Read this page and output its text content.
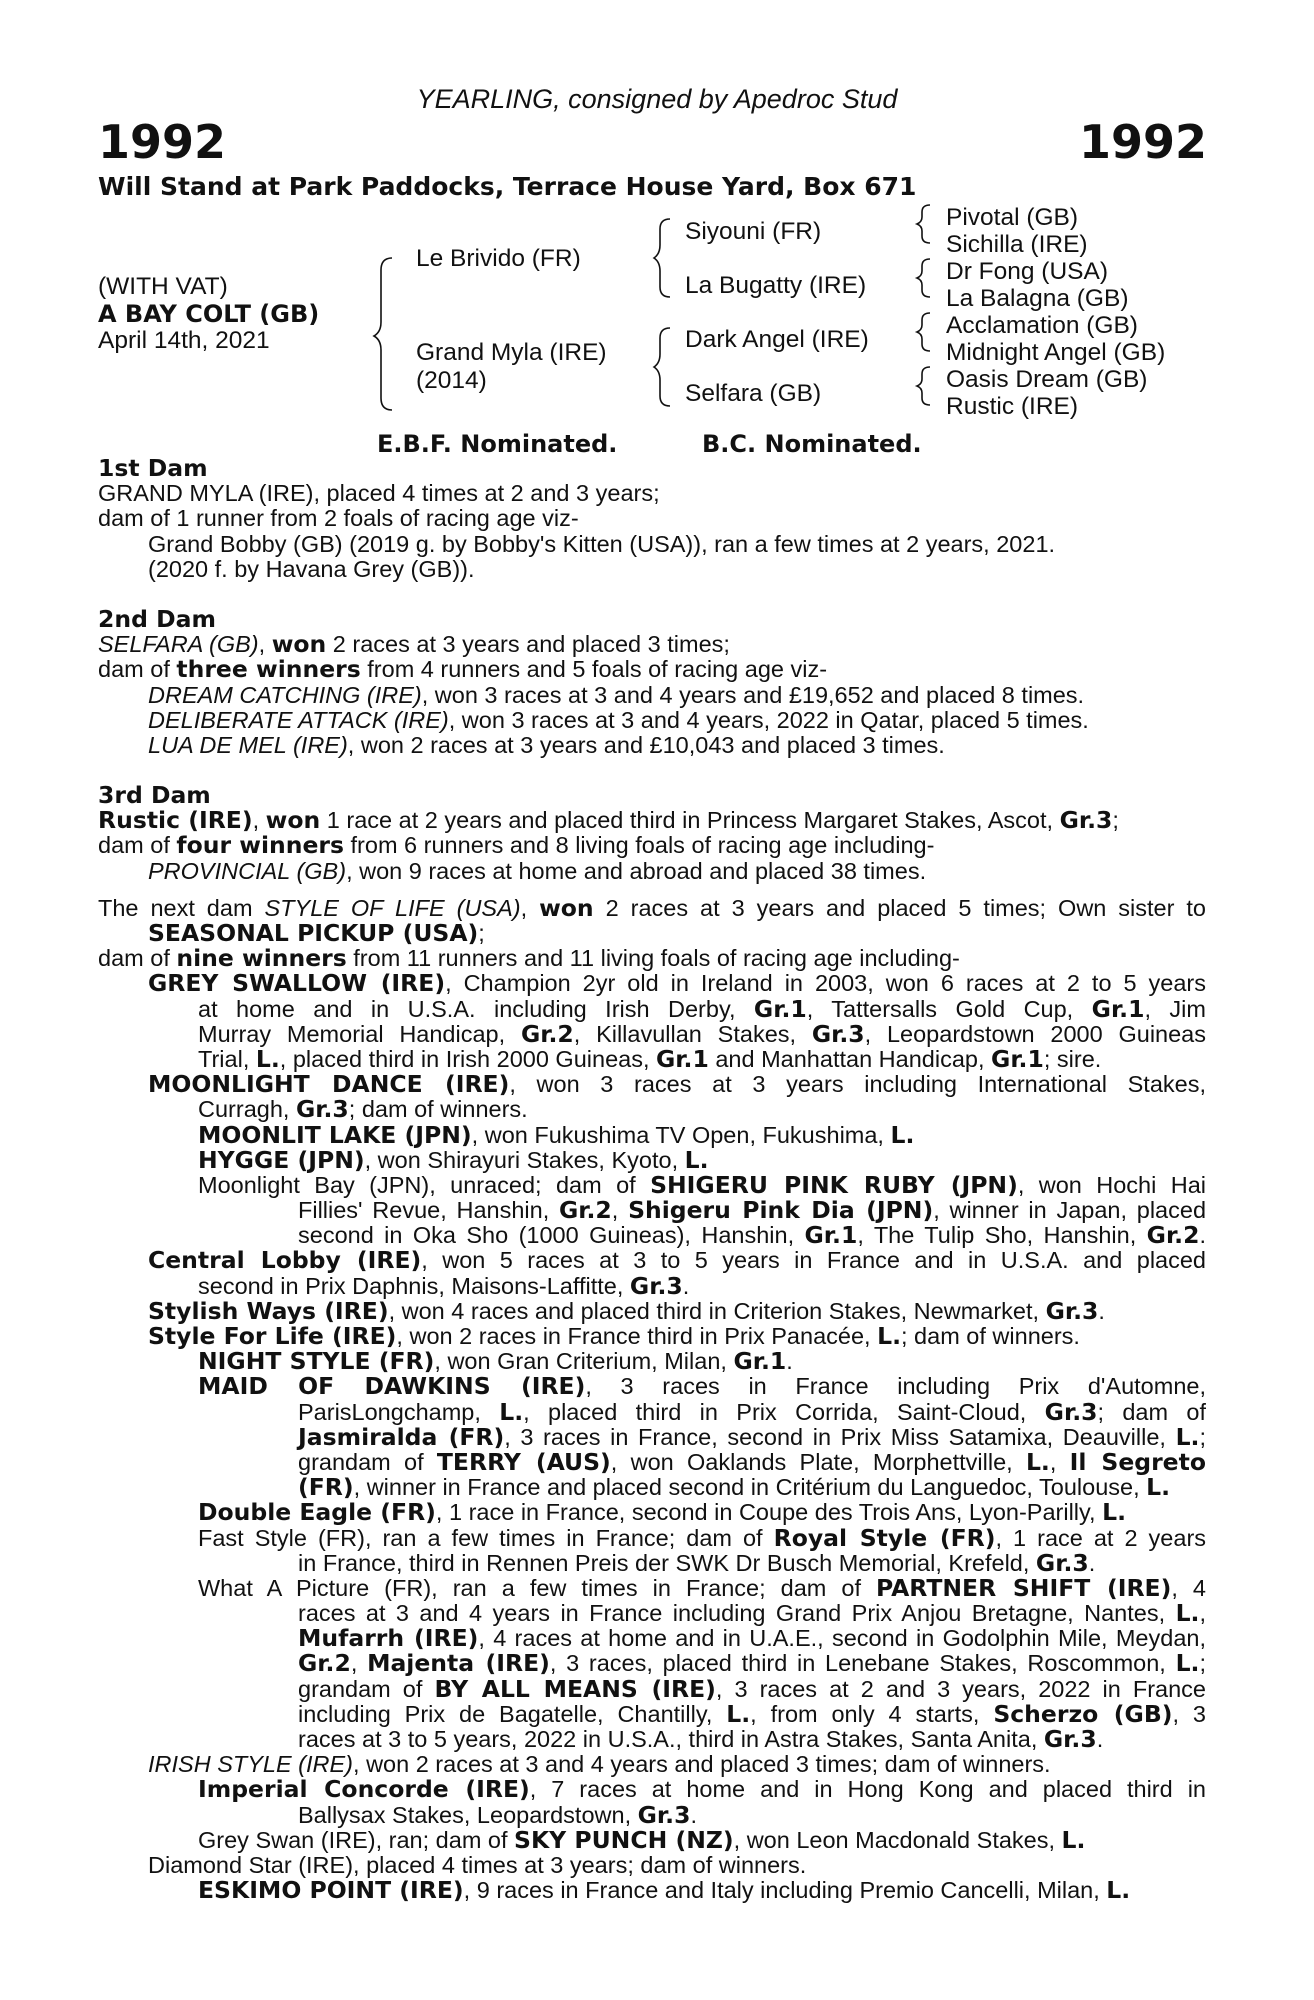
YEARLING, consigned by Apedroc Stud
1992	1992
Will Stand at Park Paddocks, Terrace House Yard, Box 671
(WITH VAT)
A BAY COLT (GB)
April 14th, 2021
Le Brivido (FR)
Grand Myla (IRE)
(2014)
Siyouni (FR)
La Bugatty (IRE)
Dark Angel (IRE)
Selfara (GB)
Pivotal (GB)
Sichilla (IRE)
Dr Fong (USA)
La Balagna (GB)
Acclamation (GB)
Midnight Angel (GB)
Oasis Dream (GB)
Rustic (IRE)
E.B.F. Nominated.	B.C. Nominated.
1st Dam
GRAND MYLA (IRE), placed 4 times at 2 and 3 years;
dam of 1 runner from 2 foals of racing age viz-
Grand Bobby (GB) (2019 g. by Bobby's Kitten (USA)), ran a few times at 2 years, 2021.
(2020 f. by Havana Grey (GB)).
2nd Dam
SELFARA (GB), won 2 races at 3 years and placed 3 times;
dam of three winners from 4 runners and 5 foals of racing age viz-
DREAM CATCHING (IRE), won 3 races at 3 and 4 years and £19,652 and placed 8 times.
DELIBERATE ATTACK (IRE), won 3 races at 3 and 4 years, 2022 in Qatar, placed 5 times.
LUA DE MEL (IRE), won 2 races at 3 years and £10,043 and placed 3 times.
3rd Dam
Rustic (IRE), won 1 race at 2 years and placed third in Princess Margaret Stakes, Ascot, Gr.3;
dam of four winners from 6 runners and 8 living foals of racing age including-
PROVINCIAL (GB), won 9 races at home and abroad and placed 38 times.
The next dam STYLE OF LIFE (USA), won 2 races at 3 years and placed 5 times; Own sister to
SEASONAL PICKUP (USA);
dam of nine winners from 11 runners and 11 living foals of racing age including-
GREY SWALLOW (IRE), Champion 2yr old in Ireland in 2003, won 6 races at 2 to 5 years
at home and in U.S.A. including Irish Derby, Gr.1, Tattersalls Gold Cup, Gr.1, Jim
Murray Memorial Handicap, Gr.2, Killavullan Stakes, Gr.3, Leopardstown 2000 Guineas
Trial, L., placed third in Irish 2000 Guineas, Gr.1 and Manhattan Handicap, Gr.1; sire.
MOONLIGHT DANCE (IRE), won 3 races at 3 years including International Stakes,
Curragh, Gr.3; dam of winners.
MOONLIT LAKE (JPN), won Fukushima TV Open, Fukushima, L.
HYGGE (JPN), won Shirayuri Stakes, Kyoto, L.
Moonlight Bay (JPN), unraced; dam of SHIGERU PINK RUBY (JPN), won Hochi Hai
Fillies' Revue, Hanshin, Gr.2, Shigeru Pink Dia (JPN), winner in Japan, placed
second in Oka Sho (1000 Guineas), Hanshin, Gr.1, The Tulip Sho, Hanshin, Gr.2.
Central Lobby (IRE), won 5 races at 3 to 5 years in France and in U.S.A. and placed
second in Prix Daphnis, Maisons-Laffitte, Gr.3.
Stylish Ways (IRE), won 4 races and placed third in Criterion Stakes, Newmarket, Gr.3.
Style For Life (IRE), won 2 races in France third in Prix Panacée, L.; dam of winners.
NIGHT STYLE (FR), won Gran Criterium, Milan, Gr.1.
MAID OF DAWKINS (IRE), 3 races in France including Prix d'Automne,
ParisLongchamp, L., placed third in Prix Corrida, Saint-Cloud, Gr.3; dam of
Jasmiralda (FR), 3 races in France, second in Prix Miss Satamixa, Deauville, L.;
grandam of TERRY (AUS), won Oaklands Plate, Morphettville, L., Il Segreto
(FR), winner in France and placed second in Critérium du Languedoc, Toulouse, L.
Double Eagle (FR), 1 race in France, second in Coupe des Trois Ans, Lyon-Parilly, L.
Fast Style (FR), ran a few times in France; dam of Royal Style (FR), 1 race at 2 years
in France, third in Rennen Preis der SWK Dr Busch Memorial, Krefeld, Gr.3.
What A Picture (FR), ran a few times in France; dam of PARTNER SHIFT (IRE), 4
races at 3 and 4 years in France including Grand Prix Anjou Bretagne, Nantes, L.,
Mufarrh (IRE), 4 races at home and in U.A.E., second in Godolphin Mile, Meydan,
Gr.2, Majenta (IRE), 3 races, placed third in Lenebane Stakes, Roscommon, L.;
grandam of BY ALL MEANS (IRE), 3 races at 2 and 3 years, 2022 in France
including Prix de Bagatelle, Chantilly, L., from only 4 starts, Scherzo (GB), 3
races at 3 to 5 years, 2022 in U.S.A., third in Astra Stakes, Santa Anita, Gr.3.
IRISH STYLE (IRE), won 2 races at 3 and 4 years and placed 3 times; dam of winners.
Imperial Concorde (IRE), 7 races at home and in Hong Kong and placed third in
Ballysax Stakes, Leopardstown, Gr.3.
Grey Swan (IRE), ran; dam of SKY PUNCH (NZ), won Leon Macdonald Stakes, L.
Diamond Star (IRE), placed 4 times at 3 years; dam of winners.
ESKIMO POINT (IRE), 9 races in France and Italy including Premio Cancelli, Milan, L.
